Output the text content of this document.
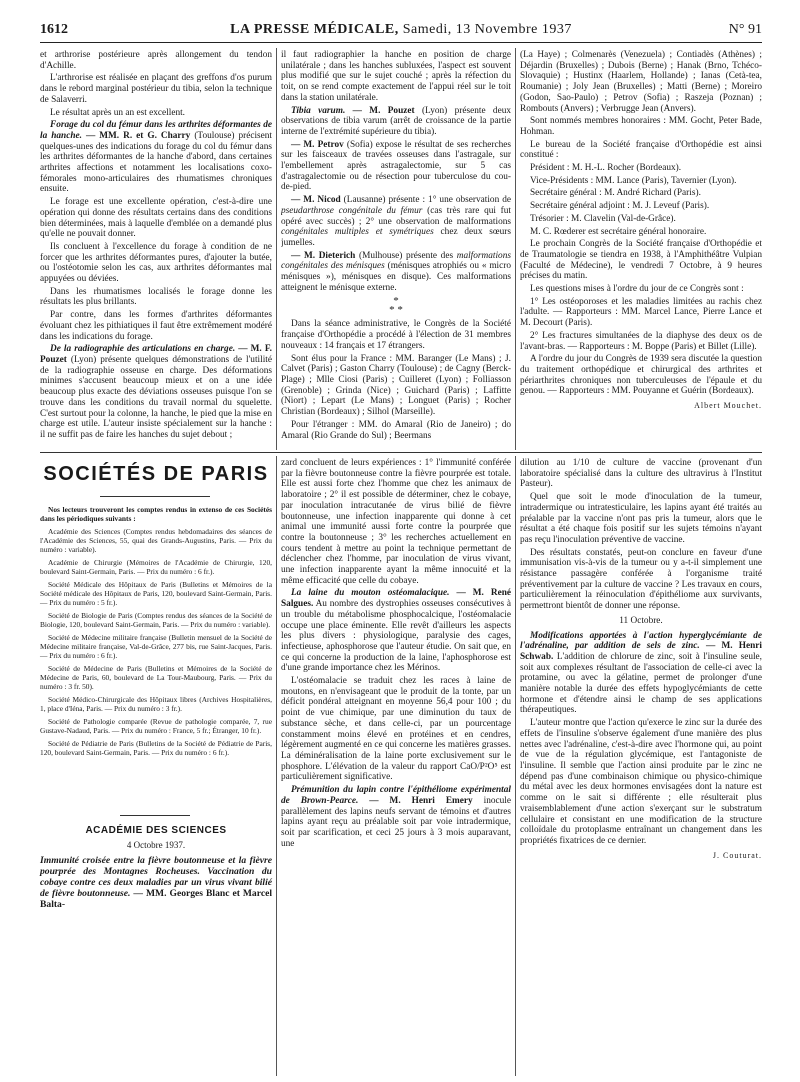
1612	LA PRESSE MÉDICALE, Samedi, 13 Novembre 1937	N° 91

et arthrorise postérieure après allongement du tendon d'Achille.

L'arthrorise est réalisée en plaçant des greffons d'os purum dans le rebord marginal postérieur du tibia, selon la technique de Salaverri.

Le résultat après un an est excellent.

Forage du col du fémur dans les arthrites déformantes de la hanche. — MM. R. et G. Charry (Toulouse) précisent quelques-unes des indications du forage du col du fémur dans les arthrites déformantes de la hanche d'abord, dans certaines arthrites affections et notamment les localisations coxo-fémorales mono-articulaires des rhumatismes chroniques ensuite.

Le forage est une excellente opération, c'est-à-dire une opération qui donne des résultats certains dans des conditions bien déterminées, mais à laquelle d'emblée on a demandé plus qu'elle ne pouvait donner.

Ils concluent à l'excellence du forage à condition de ne forcer que les arthrites déformantes pures, d'ajouter la butée, ou l'ostéotomie selon les cas, aux arthrites déformantes mal appuyées ou déviées.

Dans les rhumatismes localisés le forage donne les résultats les plus brillants.

Par contre, dans les formes d'arthrites déformantes évoluant chez les pithiatiques il faut être extrêmement modéré dans les indications du forage.

De la radiographie des articulations en charge. — M. F. Pouzet (Lyon) présente quelques démonstrations de l'utilité de la radiographie osseuse en charge. Des déformations minimes s'accusent beaucoup mieux et on a une idée beaucoup plus exacte des déviations osseuses puisque l'on se trouve dans les conditions du travail normal du squelette. C'est surtout pour la colonne, la hanche, le pied que la mise en charge est utile. L'auteur insiste spécialement sur la hanche : il ne suffit pas de faire les hanches du sujet debout ;

il faut radiographier la hanche en position de charge unilatérale ; dans les hanches subluxées, l'aspect est souvent plus modifié que sur le sujet couché ; après la réfection du toit, on se rend compte exactement de l'appui réel sur le toit dans la station unilatérale.

Tibia varum. — M. Pouzet (Lyon) présente deux observations de tibia varum (arrêt de croissance de la partie interne de l'extrémité supérieure du tibia).

— M. Petrov (Sofia) expose le résultat de ses recherches sur les faisceaux de travées osseuses dans l'astragale, sur l'embellement après astragalectomie, sur 5 cas d'astragalectomie ou de résection pour tuberculose du cou-de-pied.

— M. Nicod (Lausanne) présente : 1° une observation de pseudarthrose congénitale du fémur (cas très rare qui fut opéré avec succès) ; 2° une observation de malformations congénitales multiples et symétriques chez deux sœurs jumelles.

— M. Dieterich (Mulhouse) présente des malformations congénitales des ménisques (ménisques atrophiés ou « micro ménisques »), ménisques en disque). Ces malformations atteignent le ménisque externe.

*
* *

Dans la séance administrative, le Congrès de la Société française d'Orthopédie a procédé à l'élection de 31 membres nouveaux : 14 français et 17 étrangers.

Sont élus pour la France : MM. Baranger (Le Mans) ; J. Calvet (Paris) ; Gaston Charry (Toulouse) ; de Cagny (Berck-Plage) ; Mlle Ciosi (Paris) ; Cuilleret (Lyon) ; Folliasson (Grenoble) ; Grinda (Nice) ; Guichard (Paris) ; Laffitte (Niort) ; Lepart (Le Mans) ; Longuet (Paris) ; Rocher Christian (Bordeaux) ; Silhol (Marseille).

Pour l'étranger : MM. do Amaral (Rio de Janeiro) ; do Amaral (Rio Grande do Sul) ; Beermans

(La Haye) ; Colmenarès (Venezuela) ; Contiadès (Athènes) ; Déjardin (Bruxelles) ; Dubois (Berne) ; Hanak (Brno, Tchéco-Slovaquie) ; Hustinx (Haarlem, Hollande) ; Ianas (Cetà-tea, Roumanie) ; Joly Jean (Bruxelles) ; Matti (Berne) ; Moreiro (Godon, Sao-Paulo) ; Petrov (Sofia) ; Raszeja (Poznan) ; Rombouts (Anvers) ; Verbrugge Jean (Anvers).

Sont nommés membres honoraires : MM. Gocht, Peter Bade, Hohman.

Le bureau de la Société française d'Orthopédie est ainsi constitué :

Président : M. H.-L. Rocher (Bordeaux).

Vice-Présidents : MM. Lance (Paris), Tavernier (Lyon).

Secrétaire général : M. André Richard (Paris).

Secrétaire général adjoint : M. J. Leveuf (Paris).

Trésorier : M. Clavelin (Val-de-Grâce).

M. C. Rœderer est secrétaire général honoraire.

Le prochain Congrès de la Société française d'Orthopédie et de Traumatologie se tiendra en 1938, à l'Amphithéâtre Vulpian (Faculté de Médecine), le vendredi 7 Octobre, à 9 heures précises du matin.

Les questions mises à l'ordre du jour de ce Congrès sont :

1° Les ostéoporoses et les maladies limitées au rachis chez l'adulte. — Rapporteurs : MM. Marcel Lance, Pierre Lance et M. Decourt (Paris).

2° Les fractures simultanées de la diaphyse des deux os de l'avant-bras. — Rapporteurs : M. Boppe (Paris) et Billet (Lille).

A l'ordre du jour du Congrès de 1939 sera discutée la question du traitement orthopédique et chirurgical des arthrites et périarthrites chroniques non tuberculeuses de l'épaule et du genou. — Rapporteurs : MM. Pouyanne et Guérin (Bordeaux).

Albert Mouchet.

SOCIÉTÉS DE PARIS

Nos lecteurs trouveront les comptes rendus in extenso de ces Sociétés dans les périodiques suivants :

Académie des Sciences (Comptes rendus hebdomadaires des séances de l'Académie des Sciences, 55, quai des Grands-Augustins, Paris. — Prix du numéro : variable).

Académie de Chirurgie (Mémoires de l'Académie de Chirurgie, 120, boulevard Saint-Germain, Paris. — Prix du numéro : 6 fr.).

Société Médicale des Hôpitaux de Paris (Bulletins et Mémoires de la Société médicale des Hôpitaux de Paris, 120, boulevard Saint-Germain, Paris. — Prix du numéro : 5 fr.).

Société de Biologie de Paris (Comptes rendus des séances de la Société de Biologie, 120, boulevard Saint-Germain, Paris. — Prix du numéro : variable).

Société de Médecine militaire française (Bulletin mensuel de la Société de Médecine militaire française, Val-de-Grâce, 277 bis, rue Saint-Jacques, Paris. — Prix du numéro : 6 fr.).

Société de Médecine de Paris (Bulletins et Mémoires de la Société de Médecine de Paris, 60, boulevard de La Tour-Maubourg, Paris. — Prix du numéro : 3 fr. 50).

Société Médico-Chirurgicale des Hôpitaux libres (Archives Hospitalières, 1, place d'Iéna, Paris. — Prix du numéro : 3 fr.).

Société de Pathologie comparée (Revue de pathologie comparée, 7, rue Gustave-Nadaud, Paris. — Prix du numéro : France, 5 fr.; Étranger, 10 fr.).

Société de Pédiatrie de Paris (Bulletins de la Société de Pédiatrie de Paris, 120, boulevard Saint-Germain, Paris. — Prix du numéro : 6 fr.).

ACADÉMIE DES SCIENCES
4 Octobre 1937.
Immunité croisée entre la fièvre boutonneuse et la fièvre pourprée des Montagnes Rocheuses. Vaccination du cobaye contre ces deux maladies par un virus vivant bilié de fièvre boutonneuse. — MM. Georges Blanc et Marcel Balta-

zard concluent de leurs expériences : 1° l'immunité conférée par la fièvre boutonneuse contre la fièvre pourprée est totale. Elle est aussi forte chez l'homme que chez les animaux de laboratoire ; 2° il est possible de déterminer, chez le cobaye, par inoculation intracutanée de virus bilié de fièvre boutonneuse, une infection inapparente qui donne à cet animal une immunité aussi forte contre la pourprée que contre la boutonneuse ; 3° les recherches actuellement en cours tendent à mettre au point la technique permettant de déclencher chez l'homme, par inoculation de virus vivant, une infection inapparente ayant la même innocuité et la même efficacité que celle du cobaye.

La laine du mouton ostéomalacique. — M. René Salgues. Au nombre des dystrophies osseuses consécutives à un trouble du métabolisme phosphocalcique, l'ostéomalacie occupe une place éminente. Elle revêt d'ailleurs les aspects les plus divers : physiologique, paralysie des cages, infectieuse, aphosphorose que l'auteur étudie. On sait que, en ce qui concerne la production de la laine, l'aphosphorose est d'une grande importance chez les Mérinos.

L'ostéomalacie se traduit chez les races à laine de moutons, en n'envisageant que le produit de la tonte, par un déficit pondéral atteignant en moyenne 56,4 pour 100 ; du point de vue chimique, par une diminution du taux de substance sèche, et dans celle-ci, par un pourcentage constamment moins élevé en protéines et en cendres, légèrement augmenté en ce qui concerne les matières grasses. La déminéralisation de la laine porte exclusivement sur le phosphore. L'élévation de la valeur du rapport CaO/P²O⁵ est particulièrement significative.

Prémunition du lapin contre l'épithéliome expérimental de Brown-Pearce. — M. Henri Emery inocule parallèlement des lapins neufs servant de témoins et d'autres lapins ayant reçu au préalable soit par voie intradermique, soit par scarification, et ceci 25 jours à 3 mois auparavant, une

dilution au 1/10 de culture de vaccine (provenant d'un laboratoire spécialisé dans la culture des ultravirus à l'Institut Pasteur).

Quel que soit le mode d'inoculation de la tumeur, intradermique ou intratesticulaire, les lapins ayant été traités au préalable par la vaccine n'ont pas pris la tumeur, alors que le résultat a été chaque fois positif sur les sujets témoins n'ayant pas reçu l'inoculation préventive de vaccine.

Des résultats constatés, peut-on conclure en faveur d'une immunisation vis-à-vis de la tumeur ou y a-t-il simplement une résistance passagère conférée à l'organisme traité préventivement par la culture de vaccine ? Les travaux en cours, particulièrement la réinoculation d'épithéliome aux survivants, permettront bientôt de donner une réponse.

11 Octobre.

Modifications apportées à l'action hyperglycémiante de l'adrénaline, par addition de sels de zinc. — M. Henri Schwab. L'addition de chlorure de zinc, soit à l'insuline seule, soit aux complexes résultant de l'association de celle-ci avec la protamine, ou avec la gélatine, permet de prolonger d'une manière notable la durée des effets hypoglycémiants de cette hormone et d'étendre ainsi le champ de ses applications thérapeutiques.

L'auteur montre que l'action qu'exerce le zinc sur la durée des effets de l'insuline s'observe également d'une manière des plus nettes avec l'adrénaline, c'est-à-dire avec l'hormone qui, au point de vue de la régulation glycémique, est l'antagoniste de l'insuline. Il semble que l'action ainsi produite par le zinc ne dépend pas d'une combinaison chimique ou physico-chimique du métal avec les deux hormones envisagées dont la nature est comme on le sait si différente ; elle résulterait plus vraisemblablement d'une action s'exerçant sur le substratum cellulaire et consistant en une modification de la structure colloïdale du protoplasme entraînant un changement dans les propriétés fixatrices de ce dernier.

J. Couturat.
